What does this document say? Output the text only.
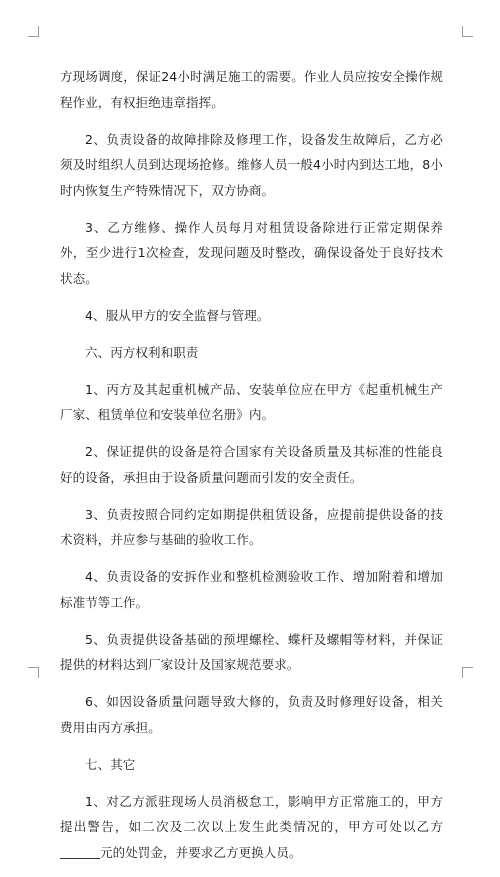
方现场调度，保证24小时满足施工的需要。作业人员应按安全操作规程作业，有权拒绝违章指挥。

2、负责设备的故障排除及修理工作，设备发生故障后，乙方必须及时组织人员到达现场抢修。维修人员一般4小时内到达工地，8小时内恢复生产特殊情况下，双方协商。

3、乙方维修、操作人员每月对租赁设备除进行正常定期保养外，至少进行1次检查，发现问题及时整改，确保设备处于良好技术状态。

4、服从甲方的安全监督与管理。

六、丙方权利和职责

1、丙方及其起重机械产品、安装单位应在甲方《起重机械生产厂家、租赁单位和安装单位名册》内。

2、保证提供的设备是符合国家有关设备质量及其标准的性能良好的设备，承担由于设备质量问题而引发的安全责任。

3、负责按照合同约定如期提供租赁设备，应提前提供设备的技术资料，并应参与基础的验收工作。

4、负责设备的安拆作业和整机检测验收工作、增加附着和增加标准节等工作。

5、负责提供设备基础的预埋螺栓、蝶杆及螺帽等材料，并保证提供的材料达到厂家设计及国家规范要求。

6、如因设备质量问题导致大修的，负责及时修理好设备，相关费用由丙方承担。

七、其它

1、对乙方派驻现场人员消极怠工，影响甲方正常施工的，甲方提出警告，如二次及二次以上发生此类情况的，甲方可处以乙方元的处罚金，并要求乙方更换人员。
